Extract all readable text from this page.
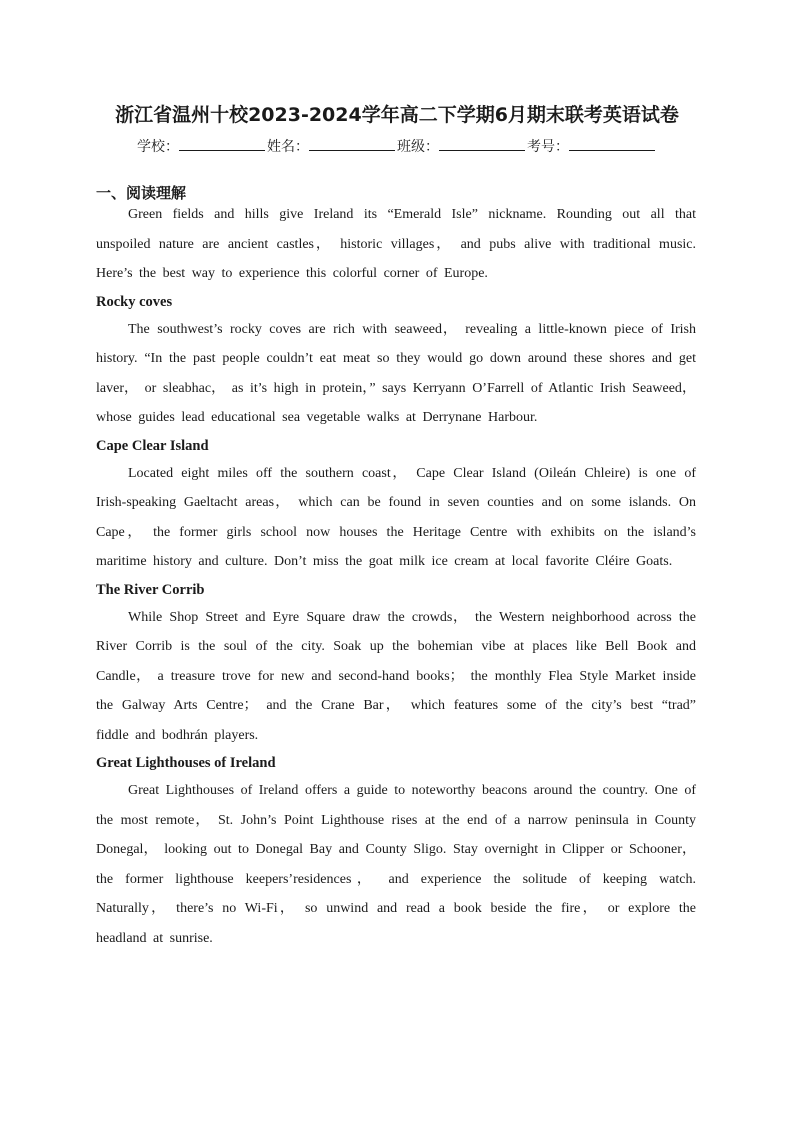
浙江省温州十校2023-2024学年高二下学期6月期末联考英语试卷
学校：	姓名：	班级：	考号：
一、阅读理解

Green fields and hills give Ireland its “Emerald Isle” nickname. Rounding out all that unspoiled nature are ancient castles， historic villages， and pubs alive with traditional music. Here’s the best way to experience this colorful corner of Europe.

Rocky coves

The southwest’s rocky coves are rich with seaweed， revealing a little-known piece of Irish history. “In the past people couldn’t eat meat so they would go down around these shores and get laver， or sleabhac， as it’s high in protein，” says Kerryann O’Farrell of Atlantic Irish Seaweed， whose guides lead educational sea vegetable walks at Derrynane Harbour.

Cape Clear Island

Located eight miles off the southern coast， Cape Clear Island (Oileán Chleire) is one of Irish-speaking Gaeltacht areas， which can be found in seven counties and on some islands. On Cape， the former girls school now houses the Heritage Centre with exhibits on the island’s maritime history and culture. Don’t miss the goat milk ice cream at local favorite Cléire Goats.

The River Corrib

While Shop Street and Eyre Square draw the crowds， the Western neighborhood across the River Corrib is the soul of the city. Soak up the bohemian vibe at places like Bell Book and Candle， a treasure trove for new and second-hand books； the monthly Flea Style Market inside the Galway Arts Centre； and the Crane Bar， which features some of the city’s best “trad” fiddle and bodhrán players.

Great Lighthouses of Ireland

Great Lighthouses of Ireland offers a guide to noteworthy beacons around the country. One of the most remote， St. John’s Point Lighthouse rises at the end of a narrow peninsula in County Donegal， looking out to Donegal Bay and County Sligo. Stay overnight in Clipper or Schooner， the former lighthouse keepers’residences， and experience the solitude of keeping watch. Naturally， there’s no Wi-Fi， so unwind and read a book beside the fire， or explore the headland at sunrise.
